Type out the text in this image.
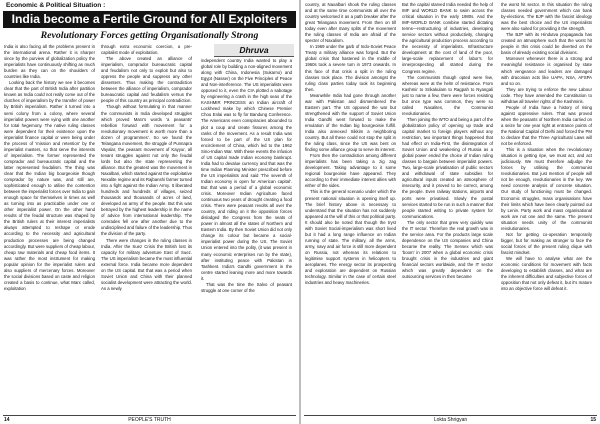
Economic & Political Situation :
India become a Fertile Ground for All Exploiters
Revolutionary Forces getting Organisationally Strong
Dhruva

India is also facing all the problems present in the international arena. Rather it is sharper since by the purview of globalization policy the imperialists have continuously shifting as much burden as they can on the shoulders of countries like India.

Looking back the history we see it becomes clear that the part of British India after partition known as India could not really come out of the clutches of imperialism by the transfer of power by British imperialism. Rather it turned into a semi colony from a colony, where several imperialist powers were vying with one another for total hegemony. The native ruling classes were dependent for their existence upon the imperialist finance capital or were being under the process of 'mission and retention' by the imperialist masters, so that serve the interests of imperialism. The former represented the comprador and bureaucratic capital and the latter represented feudalism. The thing was clear that the Indian big bourgeoisie though comprador by nature was, and still are, sophisticated enough to utilise the contention between the imperialist forces over India to gain enough space for themselves in times as well as turning into as practicable under one or other imperialist power. On the other hand results of the feudal structure was shaped by the British rulers at their interest imperialists always attempted to reshape or erode according to the necessity and agricultural production processes are being changed accordingly. But were suppliers of cheap labour, cheap raw materials and cheap food items. It was rather the most instrument for making popular opinion for the imperialist rulers and also suppliers of mercenary forces. Moreover the social divisions based on caste and religion created a basis to continue, what Marx called, exploitation

through extra economic coercion, a pre-capitalist mode of exploitation.

The above created an alliance of imperialism, comprador bureaucratic capital and feudalism not only to exploit but also to oppress the people and suppress any other dissenters. Thus making the contradiction between the alliance of imperialism, comprador bureaucratic capital and feudalism versus the people of this country as principal contradiction.

Though without formulating in that manner the communists in India developed struggles which proved Marx's words 'a peasants' rebellion forward with movement for a revolutionary movement is worth more than a dozen of programmes'. So we found the Telangana movement, the struggle of Punnapra Vayalar, the peasant movement of Kayyur, all tenant struggles against not only the feudal lords but also the state representing the alliance. But the greatest was the movement in Naxalbari, which started against the exploitative Nexalite regime and its Rajbanshi farmer turned into a fight against the Indian Army. It liberated hundreds and hundreds of villages, seized thousands and thousands of acres of land, developed an army of the people. But this was betrayed by the highest leadership in the name of advice from international leadership. The comrades fell one after another due to the undisciplined and failure of the leadership. Thus the division of the party.

There were changes in the ruling classes in India. After the Suez Crisis the British lost its capacity for military adventure East of Suez. The US imperialism became the most influential external force. India became more dependent on the US capital. But that was a period when Soviet Union and China with their planned socialist development were attracting the world. As a newly

independent country India wanted to play a global role by building a non-aligned movement along with China, Indonesia (Sukarno) and Egypt (Nasser) on the Five Principles of Peace and Non-interference. The US imperialists were opposed to it, even the CIA plotted a sabotage by engineering a crash in the high seas of the KASHMIR PRINCESS an Indian aircraft of Lockheed make by which Chinese Premier Chou Enlai was to fly for Bandung Conference. The Americans even conspiracies abounded to plot a coup and create fissures among the ranks of the movement. As a result India was forced to be part of the US plan for encirclement of China, which led to the 1962 Sino-Indian War. With these events the infusion of US capital made Indian economy bankrupt. India had to devalue currency and that was the time Indian Planning Minister prescribed before the US imperialists and said 'The seventh of Indian economy is open for American capital'. But that was a period of a global economic crisis. Moreover Indian Agriculture faced continuous two years of drought creating a food crisis. There were peasant revolts all over the country, and riding on it the opposition forces dislodged the Congress from the seats of power in almost all the states of Northern and Eastern India. By then Soviet Union did not only change its colour but became a social-imperialist power during the US. The Soviet Union entered into the polity, (it was present in many economic enterprises run by the state), after instituting peace with Pakistan in Tashkent. India's Gandhi government in the centre started leaning more and more towards it.

That was the time the Salvo of peasant struggle at one corner of the

14	PEOPLE'S TRUTH

country, at Naxalbari shook the ruling classes and at the same time communists all over the country welcomed it as a path breaker after the great Telangana movement. From then on till today even after many splits of the movement the ruling classes of India are afraid of the specter of Naxalism.

In 1969 under the garb of Indo-Soviet Peace Treaty a military alliance was forged. But the global crisis that hastened in the middle of 1960s took a severe turn in 1973 onwards. In this face of that crisis a split in the ruling classes took place. The division amongst the ruling class parties today took its beginning then.

Meanwhile India had gone through another war with Pakistan and dismembered the Eastern part. The US opposed the war but strengthened with the support of Soviet Union India Gandhi went forward to make the emulation of the Indian big bourgeoisie fulfill. India also annexed Sikkim a neighboring country. But all these could not stop the split in the ruling class, since the US was bent on finding some alliance group to serve its interest.

From then the contradiction among different imperialists has been taking a zig zag development. Taking advantage to it some regional bourgeoisie have appeared. They according to their immediate interest allies with either of the sides.

This is the general scenario under which the present national situation is opening itself up. The brief history above is necessary to understand that the situation has not suddenly appeared at the will of this or that political party. It should also be noted that though the tryst with Soviet Social-imperialism was short lived but it had a long range influence on Indian running of state. The military, all the arms, army, navy and air force is still more dependent on Russia, not whereas its relations to legitimise support systems in helicopters to aeroplanes. The energy sector its prospecting and exploration are dependent on Russian technology. Similar in the case of certain steel industries and heavy machineries.

But the capital starved India needed the help of IMF and WORLD BANK to swim across the critical situation in the early 1980s. And the IMF-WORLD BANK combine started dictating terms—restructuring of industries, developing service sectors without productivity, changing the agricultural production process according to the necessity of imperialists. Infrastructure development at the cost of land of the poor, large-scale replacement of labor's for innerprospecting all started during the Congress regime.

The communists though opted were few, whereas were at the helm of resistance. From Kashmir to Srikakulam to Ragpah to Nyangali just to name a few, there were forces resisting but once type was common, they were so called Naxalites, the Communist revolutionaries.

Then joining the WTO and being a part of the globalization policy of opening up trade and capital market to foreign players without any restriction, two important things happened that had effect on India-First, the disintegration of Soviet Union and weakening of Russia as a global power ended the choice of Indian ruling classes to bargain between imperialist powers. Two, large-scale privatisation of public sectors and withdrawal of state subsidies for agricultural inputs created an atmosphere of insecurity, and it proved to be correct, among the people. Even railway stations, airports and ports were privatised. Slowly the postal services started to be run in such a manner that people started writing to private system for communications.

The only sector that grew very quickly was the IT sector. Therefore the real growth was in the service area. For the products large scale dependence on the US companies and China became the reality. The Sensex which was 'boom' in 2007 when a global economic crisis brought crisis in the industries and giant financial sectors worldwide, and the IT sector which was greatly dependent on the outsourcing services in then became

the worst hit sector. In this situation the ruling classes needed government which can bank by-elections. The BJP with the fascist ideology was the best choice and the US imperialists were also suited for providing it the strength.

The BJP with its Hindutva propaganda has created an atmosphere such that the worst hit people in this crisis could be diverted on the basis of already existing social divisions.

Moreover whenever there is a strong and meaningful resistance is organised by state which vengeance and leaders are damaged with draconian acts like UAPA, NSA, AFSPA and so on.

They are trying to enforce the new Labour code. They have amended the Constitution to withdraw all traveler rights of the Kashmiris.

People of India have a history of rising against oppressive rulers. That was proved when the peasants of Northern India carried on a seize for one year right at entrance points of the National Capital of Delhi and forced the PM to declare that the Three Agricultural Laws will not be enforced.

This is a situation when the revolutionary situation is getting ripe, we must act, and act judiciously. We must therefore adjudge the forces by utilising the communist revolutionaries. But just mention of people will not be enough, revolutionaries in the key. We need concrete analysis of concrete situation. Our study of functioning must be changed. Economic struggles, mass organisations have their limits which have been clearly pointed out by Lenin. Party work and mass organisational work are not one and the same. The present situation needs unity of the communist revolutionaries.

Not for getting co-operation temporarily bigger, but for making as stronger to face the social forces of the present ruling clique with fascist mindset.

We will have to analyse what are the economic conditions for movement with facts developing to establish classes, and what are the inherent difficulties and subjective forces of opposition that not only defeat it, but it's mature into an objective force will defeat it.

Lokta Shrigyan	15
